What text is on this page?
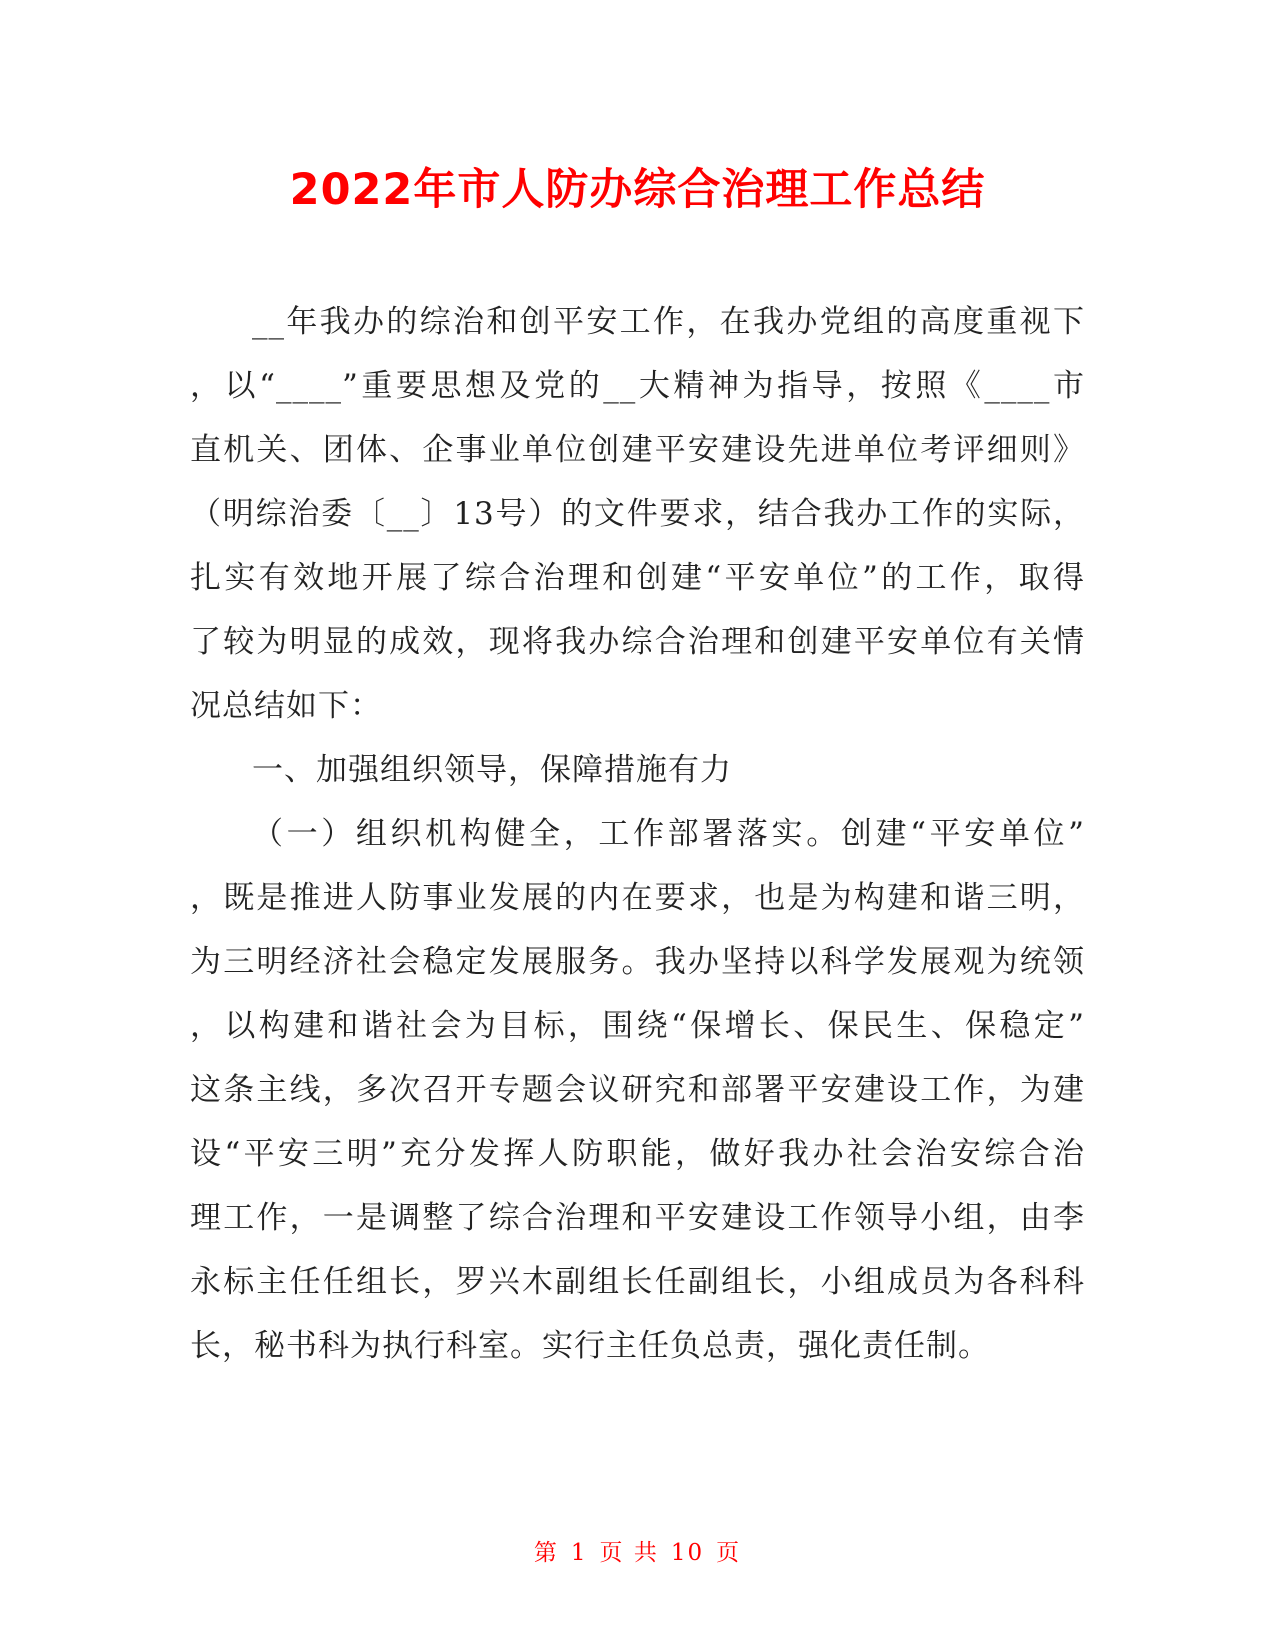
2022年市人防办综合治理工作总结
__年我办的综治和创平安工作，在我办党组的高度重视下
，以“____”重要思想及党的__大精神为指导，按照《____市
直机关、团体、企事业单位创建平安建设先进单位考评细则》
（明综治委〔__〕13号）的文件要求，结合我办工作的实际，
扎实有效地开展了综合治理和创建“平安单位”的工作，取得
了较为明显的成效，现将我办综合治理和创建平安单位有关情
况总结如下：
一、加强组织领导，保障措施有力
（一）组织机构健全，工作部署落实。创建“平安单位”
，既是推进人防事业发展的内在要求，也是为构建和谐三明，
为三明经济社会稳定发展服务。我办坚持以科学发展观为统领
，以构建和谐社会为目标，围绕“保增长、保民生、保稳定”
这条主线，多次召开专题会议研究和部署平安建设工作，为建
设“平安三明”充分发挥人防职能，做好我办社会治安综合治
理工作，一是调整了综合治理和平安建设工作领导小组，由李
永标主任任组长，罗兴木副组长任副组长，小组成员为各科科
长，秘书科为执行科室。实行主任负总责，强化责任制。
第 1 页 共 10 页
